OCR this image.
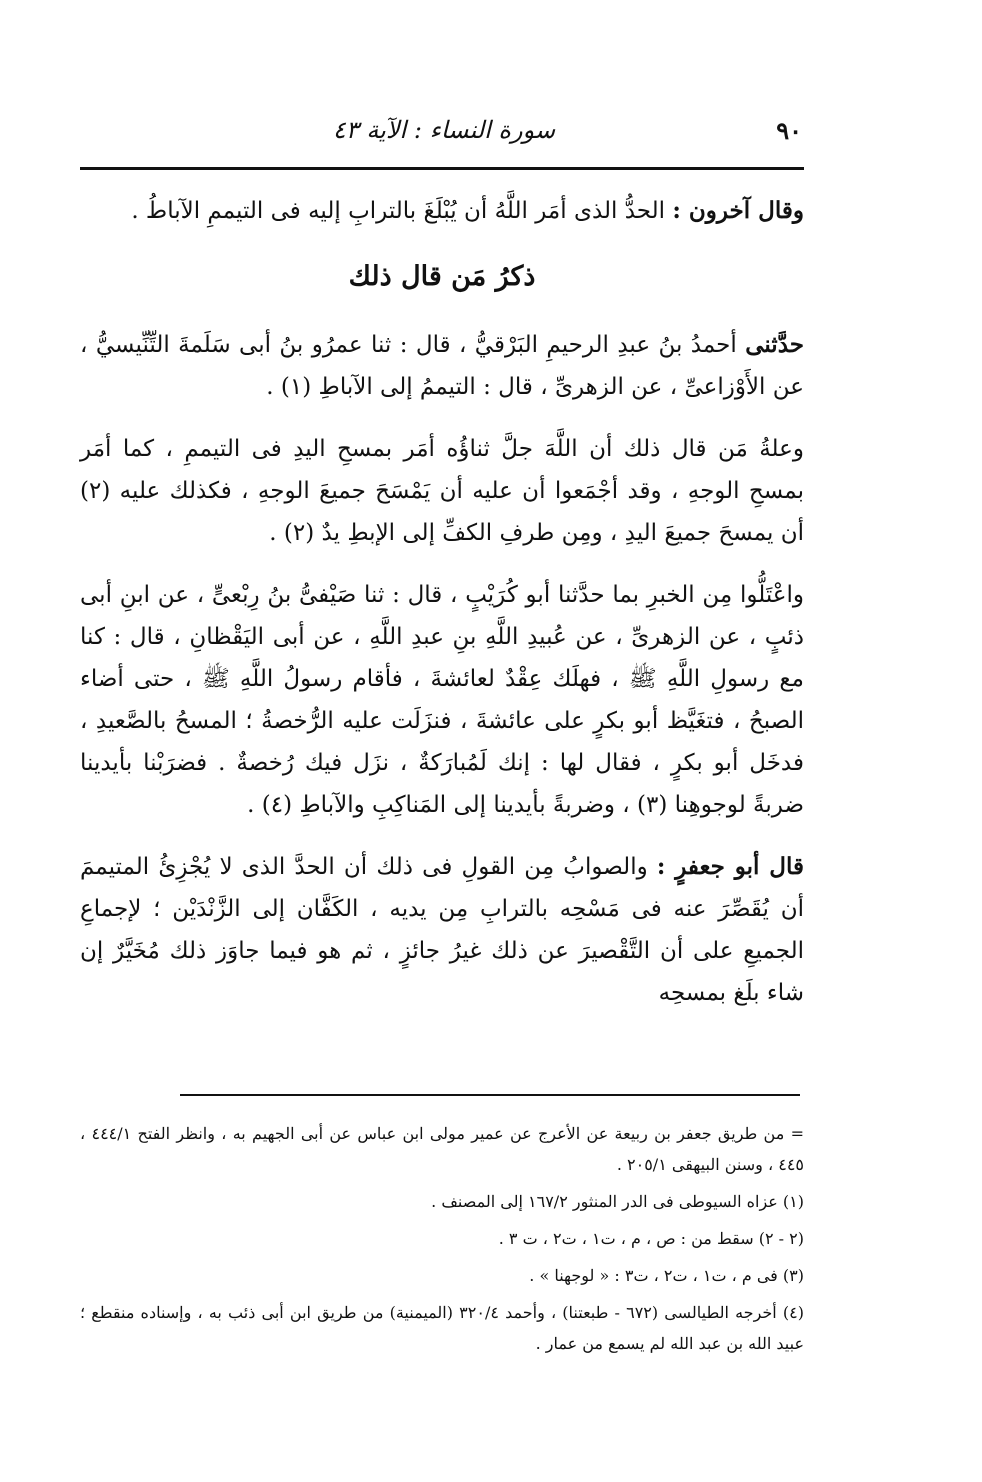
٩٠
سورة النساء : الآية ٤٣

وقال آخرون : الحدُّ الذى أمَر اللَّهُ أن يُبْلَغَ بالترابِ إليه فى التيممِ الآباطُ .

ذكرُ مَن قال ذلك

حدَّثنى أحمدُ بنُ عبدِ الرحيمِ البَرْقيُّ ، قال : ثنا عمرُو بنُ أبى سَلَمةَ التِّنِّيسيُّ ، عن الأَوْزاعىِّ ، عن الزهرىِّ ، قال : التيممُ إلى الآباطِ (١) .

وعلةُ مَن قال ذلك أن اللَّهَ جلَّ ثناؤُه أمَر بمسحِ اليدِ فى التيممِ ، كما أمَر بمسحِ الوجهِ ، وقد أجْمَعوا أن عليه أن يَمْسَحَ جميعَ الوجهِ ، فكذلك عليه (٢) أن يمسحَ جميعَ اليدِ ، ومِن طرفِ الكفِّ إلى الإبطِ يدٌ (٢) .

واعْتَلُّوا مِن الخبرِ بما حدَّثنا أبو كُرَيْبٍ ، قال : ثنا صَيْفىُّ بنُ رِبْعىٍّ ، عن ابنِ أبى ذئبٍ ، عن الزهرىِّ ، عن عُبيدِ اللَّهِ بنِ عبدِ اللَّهِ ، عن أبى اليَقْظانِ ، قال : كنا مع رسولِ اللَّهِ ﷺ ، فهلَك عِقْدٌ لعائشةَ ، فأقام رسولُ اللَّهِ ﷺ ، حتى أضاء الصبحُ ، فتغَيَّظ أبو بكرٍ على عائشةَ ، فنزَلَت عليه الرُّخصةُ ؛ المسحُ بالصَّعيدِ ، فدخَل أبو بكرٍ ، فقال لها : إنك لَمُبارَكةٌ ، نزَل فيك رُخصةٌ . فضرَبْنا بأيدينا ضربةً لوجوهِنا (٣) ، وضربةً بأيدينا إلى المَناكِبِ والآباطِ (٤) .

قال أبو جعفرٍ : والصوابُ مِن القولِ فى ذلك أن الحدَّ الذى لا يُجْزِئُ المتيممَ أن يُقَصِّرَ عنه فى مَسْحِه بالترابِ مِن يديه ، الكَفَّان إلى الزَّنْدَيْن ؛ لإجماعِ الجميعِ على أن التَّقْصيرَ عن ذلك غيرُ جائزٍ ، ثم هو فيما جاوَز ذلك مُخَيَّرٌ إن شاء بلَغ بمسحِه

= من طريق جعفر بن ربيعة عن الأعرج عن عمير مولى ابن عباس عن أبى الجهيم به ، وانظر الفتح ٤٤٤/١ ، ٤٤٥ ، وسنن البيهقى ٢٠٥/١ .

(١) عزاه السيوطى فى الدر المنثور ١٦٧/٢ إلى المصنف .

(٢ - ٢) سقط من : ص ، م ، ت١ ، ت٢ ، ت ٣ .

(٣) فى م ، ت١ ، ت٢ ، ت٣ : « لوجهنا » .

(٤) أخرجه الطيالسى (٦٧٢ - طبعتنا) ، وأحمد ٣٢٠/٤ (الميمنية) من طريق ابن أبى ذئب به ، وإسناده منقطع ؛ عبيد الله بن عبد الله لم يسمع من عمار .
